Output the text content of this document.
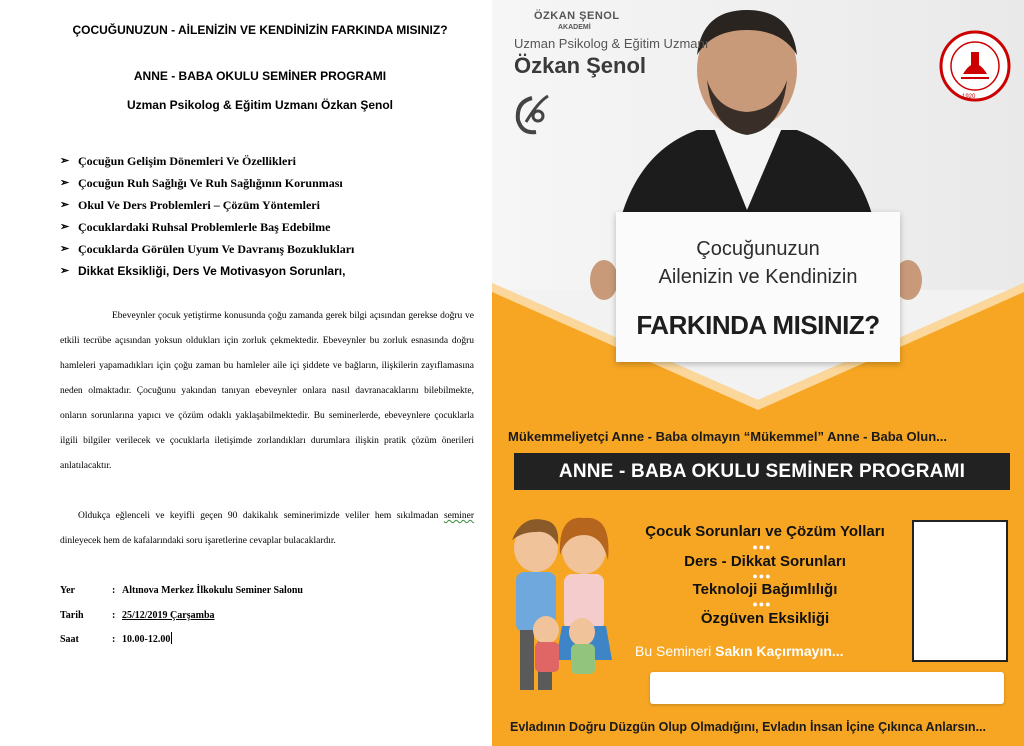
ÇOCUĞUNUZUN - AİLENİZİN VE KENDİNİZİN FARKINDA MISINIZ?
ANNE - BABA OKULU SEMİNER PROGRAMI
Uzman Psikolog & Eğitim Uzmanı Özkan Şenol
➢ Çocuğun Gelişim Dönemleri Ve Özellikleri
➢ Çocuğun Ruh Sağlığı Ve Ruh Sağlığının Korunması
➢ Okul Ve Ders Problemleri – Çözüm Yöntemleri
➢ Çocuklardaki Ruhsal Problemlerle Baş Edebilme
➢ Çocuklarda Görülen Uyum Ve Davranış Bozuklukları
➢ Dikkat Eksikliği, Ders Ve Motivasyon Sorunları,

Ebeveynler çocuk yetiştirme konusunda çoğu zamanda gerek bilgi açısından gerekse doğru ve etkili tecrübe açısından yoksun oldukları için zorluk çekmektedir. Ebeveynler bu zorluk esnasında doğru hamleleri yapamadıkları için çoğu zaman bu hamleler aile içi şiddete ve bağların, ilişkilerin zayıflamasına neden olmaktadır. Çocuğunu yakından tanıyan ebeveynler onlara nasıl davranacaklarını bilebilmekte, onların sorunlarına yapıcı ve çözüm odaklı yaklaşabilmektedir. Bu seminerlerde, ebeveynlere çocuklarla ilgili bilgiler verilecek ve çocuklarla iletişimde zorlandıkları durumlara ilişkin pratik çözüm önerileri anlatılacaktır.

Oldukça eğlenceli ve keyifli geçen 90 dakikalık seminerimizde veliler hem sıkılmadan seminer dinleyecek hem de kafalarındaki soru işaretlerine cevaplar bulacaklardır.

Yer	: Altınova Merkez İlkokulu Seminer Salonu
Tarih	: 25/12/2019 Çarşamba
Saat	: 10.00-12.00
Uzman Psikolog & Eğitim Uzmanı
Özkan Şenol
ÖZKAN ŞENOL
AKADEMİ
1920
Çocuğunuzun
Ailenizin ve Kendinizin
FARKINDA MISINIZ?
Mükemmeliyetçi Anne - Baba olmayın “Mükemmel” Anne - Baba Olun...
ANNE - BABA OKULU SEMİNER PROGRAMI
Çocuk Sorunları ve Çözüm Yolları
●●●
Ders - Dikkat Sorunları
●●●
Teknoloji Bağımlılığı
●●●
Özgüven Eksikliği
Bu Semineri Sakın Kaçırmayın...
Evladının Doğru Düzgün Olup Olmadığını, Evladın İnsan İçine Çıkınca Anlarsın...
